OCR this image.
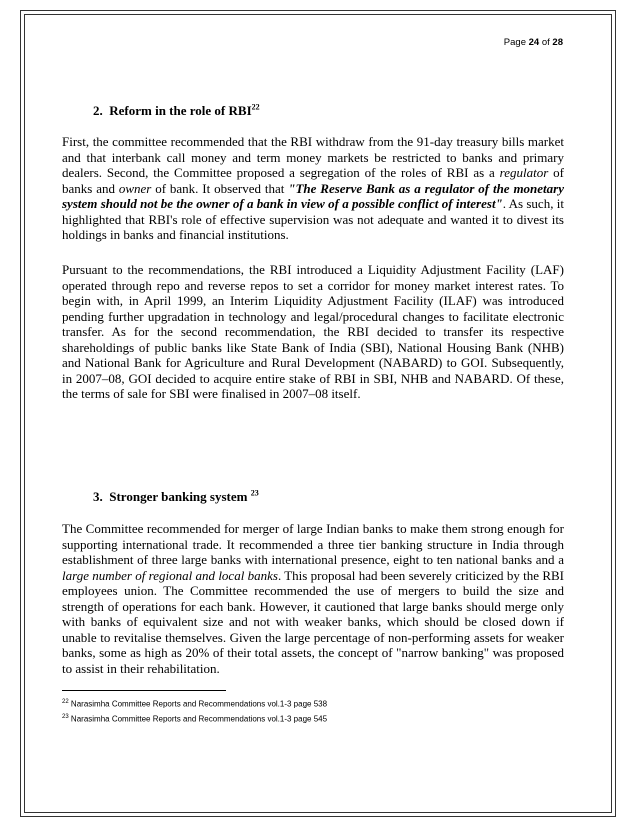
Page 24 of 28
2. Reform in the role of RBI$^{22}$

First, the committee recommended that the RBI withdraw from the 91-day treasury bills market and that interbank call money and term money markets be restricted to banks and primary dealers. Second, the Committee proposed a segregation of the roles of RBI as a regulator of banks and owner of bank. It observed that "The Reserve Bank as a regulator of the monetary system should not be the owner of a bank in view of a possible conflict of interest". As such, it highlighted that RBI's role of effective supervision was not adequate and wanted it to divest its holdings in banks and financial institutions.

Pursuant to the recommendations, the RBI introduced a Liquidity Adjustment Facility (LAF) operated through repo and reverse repos to set a corridor for money market interest rates. To begin with, in April 1999, an Interim Liquidity Adjustment Facility (ILAF) was introduced pending further upgradation in technology and legal/procedural changes to facilitate electronic transfer. As for the second recommendation, the RBI decided to transfer its respective shareholdings of public banks like State Bank of India (SBI), National Housing Bank (NHB) and National Bank for Agriculture and Rural Development (NABARD) to GOI. Subsequently, in 2007–08, GOI decided to acquire entire stake of RBI in SBI, NHB and NABARD. Of these, the terms of sale for SBI were finalised in 2007–08 itself.

3. Stronger banking system $^{23}$

The Committee recommended for merger of large Indian banks to make them strong enough for supporting international trade. It recommended a three tier banking structure in India through establishment of three large banks with international presence, eight to ten national banks and a large number of regional and local banks. This proposal had been severely criticized by the RBI employees union. The Committee recommended the use of mergers to build the size and strength of operations for each bank. However, it cautioned that large banks should merge only with banks of equivalent size and not with weaker banks, which should be closed down if unable to revitalise themselves. Given the large percentage of non-performing assets for weaker banks, some as high as 20% of their total assets, the concept of "narrow banking" was proposed to assist in their rehabilitation.

$^{22}$ Narasimha Committee Reports and Recommendations vol.1-3 page 538
$^{23}$ Narasimha Committee Reports and Recommendations vol.1-3 page 545
